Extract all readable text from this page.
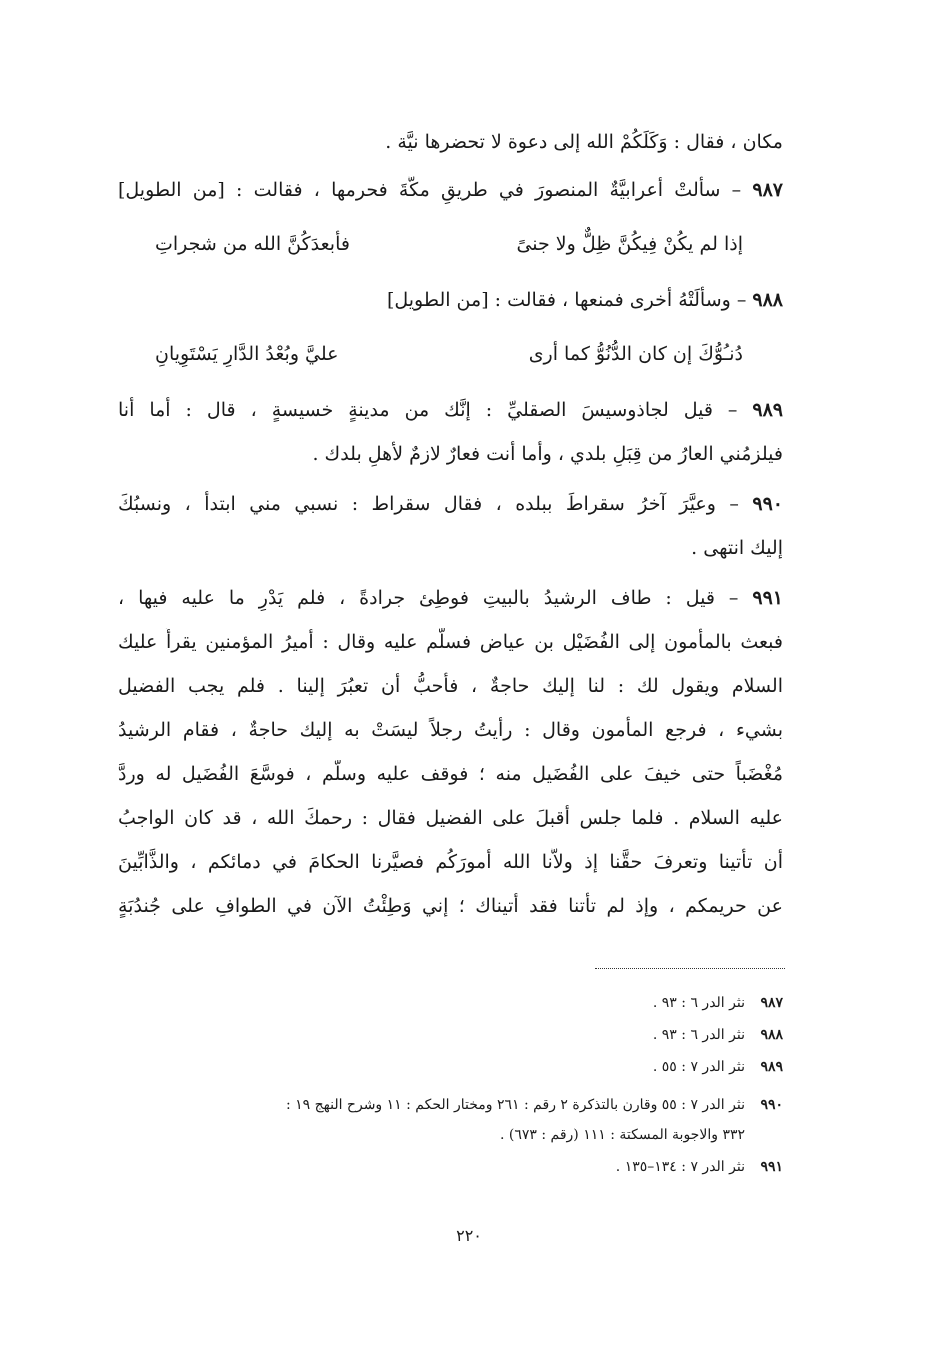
مكان ، فقال : وَكَلَكُمْ الله إلى دعوة لا تحضرها نيَّة .
٩٨٧ – سألتْ أعرابيَّةٌ المنصورَ في طريقِ مكَّةَ فحرمها ، فقالت : [من الطويل]
إذا لم يكُنْ فِيكُنَّ ظِلٌّ ولا جنىً
فأبعدَكُنَّ الله من شجراتِ
٩٨٨ – وسألَتْهُ أخرى فمنعها ، فقالت : [من الطويل]
دُنـُوُّكَ إن كان الدُّنُوُّ كما أرى
عليَّ وبُعْدُ الدَّارِ يَسْتَوِيانِ
٩٨٩ – قيل لجاذوسيسَ الصقليِّ : إنَّك من مدينةٍ خسيسةٍ ، قال : أما أنا
فيلزمُني العارُ من قِبَلِ بلدي ، وأما أنت فعارٌ لازمٌ لأهلِ بلدك .
٩٩٠ – وعيَّرَ آخرُ سقراطَ ببلده ، فقال سقراط : نسبي مني ابتدأ ، ونسبُكَ
إليك انتهى .
٩٩١ – قيل : طاف الرشيدُ بالبيتِ فوطِئ جرادةً ، فلم يَدْرِ ما عليه فيها ،
فبعث بالمأمون إلى الفُضَيْل بن عياض فسلَّم عليه وقال : أميرُ المؤمنين يقرأُ عليك
السلام ويقول لك : لنا إليك حاجةٌ ، فأُحبُّ أن تعبُرَ إلينا . فلم يجب الفضيل
بشيء ، فرجع المأمون وقال : رأيتُ رجلاً ليسَتْ به إليك حاجةٌ ، فقام الرشيدُ
مُغْضَباً حتى خيفَ على الفُضَيل منه ؛ فوقف عليه وسلَّم ، فوسَّعَ الفُضَيل له وردَّ
عليه السلام . فلما جلس أقبلَ على الفضيل فقال : رحمكَ الله ، قد كان الواجبُ
أن تأتينا وتعرفَ حقَّنا إذ ولاَّنا الله أمورَكُم فصيَّرنا الحكامَ في دمائكم ، والذَّابِّينَ
عن حريمكم ، وإذ لم تأتنا فقد أتيناك ؛ إني وَطِئْتُ الآن في الطوافِ على جُندُبَةٍ
٩٨٧نثر الدر ٦ : ٩٣ .
٩٨٨نثر الدر ٦ : ٩٣ .
٩٨٩نثر الدر ٧ : ٥٥ .
٩٩٠نثر الدر ٧ : ٥٥ وقارن بالتذكرة ٢ رقم : ٢٦١ ومختار الحكم : ١١ وشرح النهج ١٩ :
٣٣٢ والاجوبة المسكتة : ١١١ (رقم : ٦٧٣) .
٩٩١نثر الدر ٧ : ١٣٤–١٣٥ .
٢٢٠
